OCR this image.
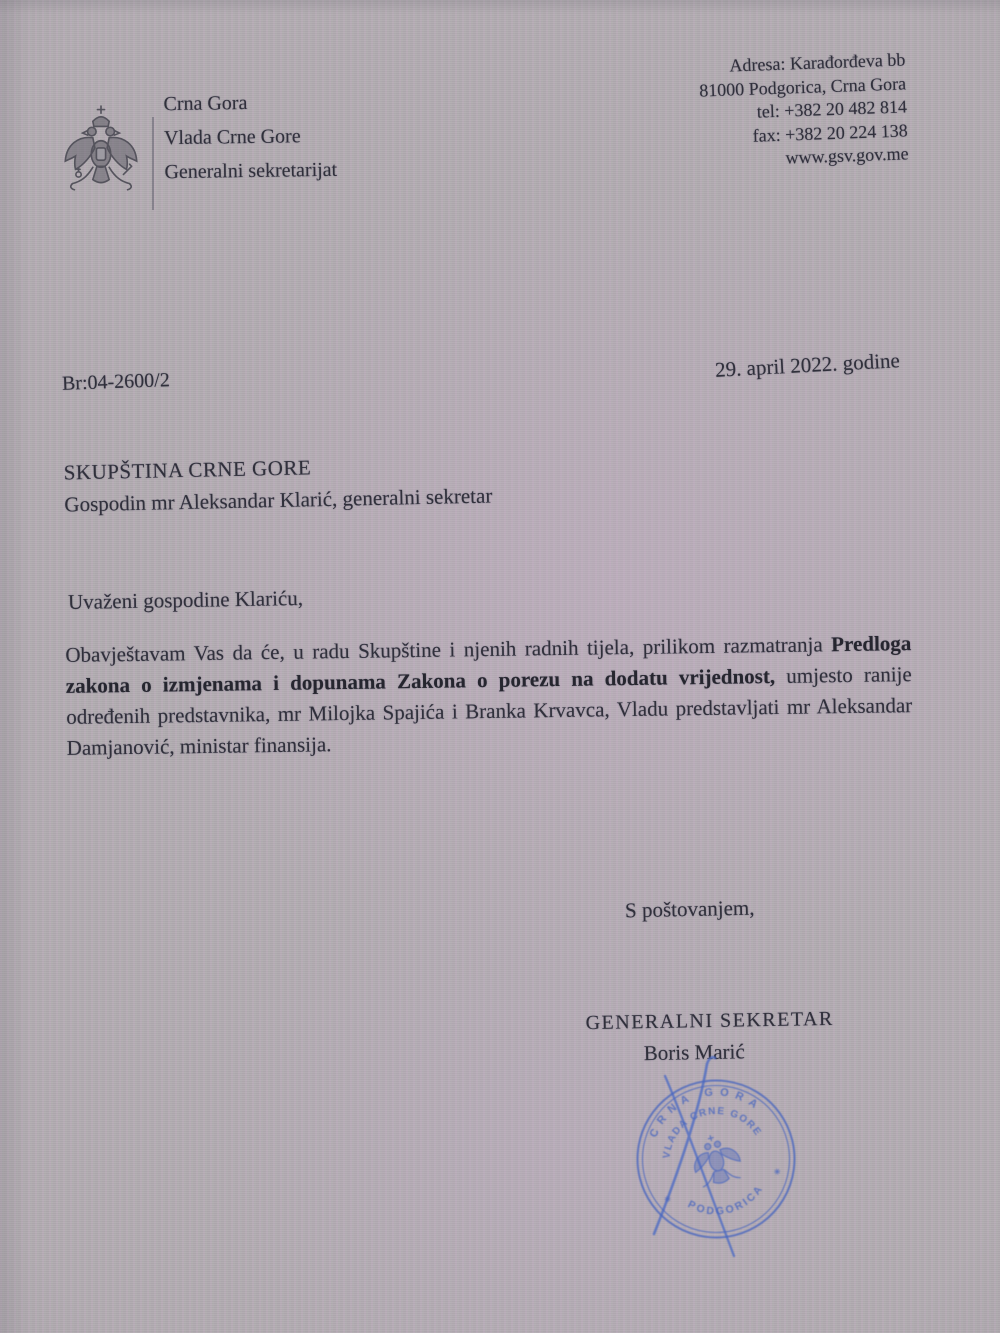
Crna Gora
Vlada Crne Gore
Generalni sekretarijat
Adresa: Karađorđeva bb
81000 Podgorica, Crna Gora
tel: +382 20 482 814
fax: +382 20 224 138
www.gsv.gov.me
Br:04-2600/2
29. april 2022. godine
SKUPŠTINA CRNE GORE
Gospodin mr Aleksandar Klarić, generalni sekretar
Uvaženi gospodine Klariću,

Obavještavam Vas da će, u radu Skupštine i njenih radnih tijela, prilikom razmatranja Predloga zakona o izmjenama i dopunama Zakona o porezu na dodatu vrijednost, umjesto ranije određenih predstavnika, mr Milojka Spajića i Branka Krvavca, Vladu predstavljati mr Aleksandar Damjanović, ministar finansija.

S poštovanjem,
GENERALNI SEKRETAR
Boris Marić
CRNA GORA
VLADA CRNE GORE
PODGORICA
✳
✳
